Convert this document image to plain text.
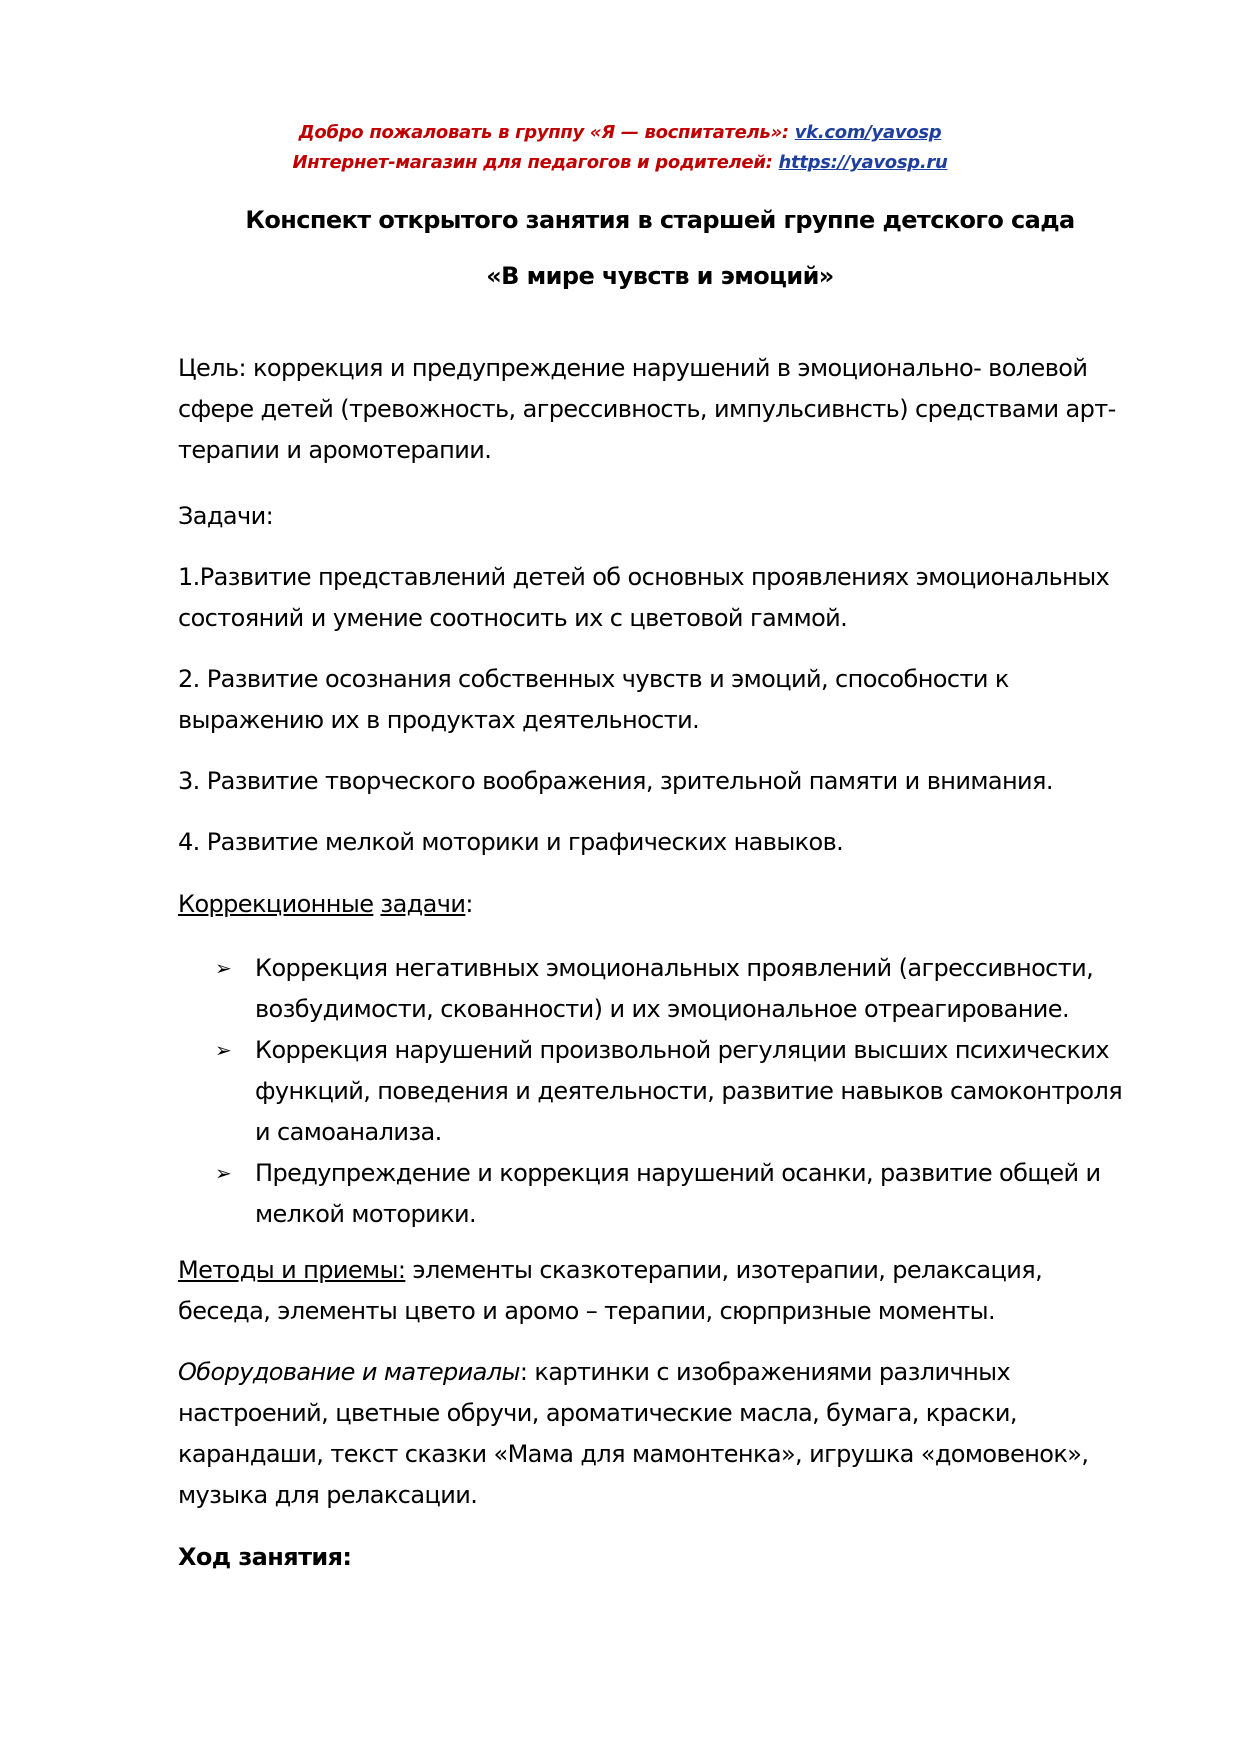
Добро пожаловать в группу «Я — воспитатель»: vk.com/yavosp
Интернет-магазин для педагогов и родителей: https://yavosp.ru
Конспект открытого занятия в старшей группе детского сада
«В мире чувств и эмоций»
Цель: коррекция и предупреждение нарушений в эмоционально- волевой
сфере детей (тревожность, агрессивность, импульсивнсть) средствами арт-
терапии и аромотерапии.
Задачи:
1.Развитие представлений детей об основных проявлениях эмоциональных
состояний и умение соотносить их с цветовой гаммой.
2. Развитие осознания собственных чувств и эмоций, способности к
выражению их в продуктах деятельности.
3. Развитие творческого воображения, зрительной памяти и внимания.
4. Развитие мелкой моторики и графических навыков.
Коррекционные задачи:
➢ Коррекция негативных эмоциональных проявлений (агрессивности,
возбудимости, скованности) и их эмоциональное отреагирование.
➢ Коррекция нарушений произвольной регуляции высших психических
функций, поведения и деятельности, развитие навыков самоконтроля
и самоанализа.
➢ Предупреждение и коррекция нарушений осанки, развитие общей и
мелкой моторики.
Методы и приемы: элементы сказкотерапии, изотерапии, релаксация,
беседа, элементы цвето и аромо – терапии, сюрпризные моменты.
Оборудование и материалы: картинки с изображениями различных
настроений, цветные обручи, ароматические масла, бумага, краски,
карандаши, текст сказки «Мама для мамонтенка», игрушка «домовенок»,
музыка для релаксации.
Ход занятия:
